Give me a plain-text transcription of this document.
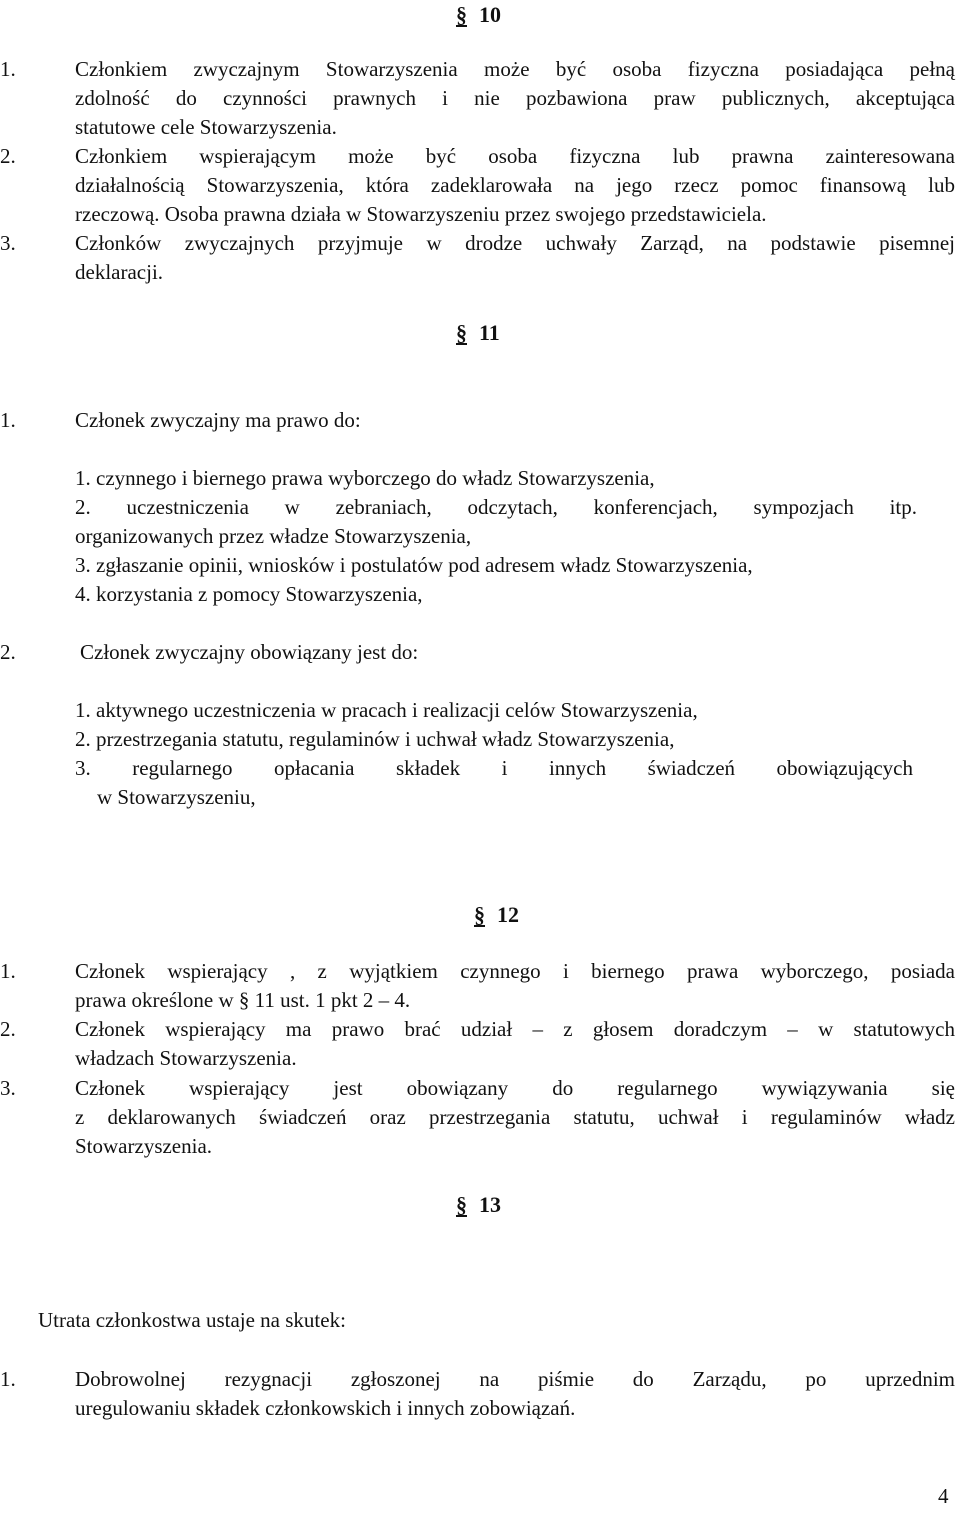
§ 10
1.	Członkiem zwyczajnym Stowarzyszenia może być osoba fizyczna posiadająca pełną
zdolność do czynności prawnych i nie pozbawiona praw publicznych, akceptująca
statutowe cele Stowarzyszenia.
2.	Członkiem wspierającym może być osoba fizyczna lub prawna zainteresowana
działalnością Stowarzyszenia, która zadeklarowała na jego rzecz pomoc finansową lub
rzeczową. Osoba prawna działa w Stowarzyszeniu przez swojego przedstawiciela.
3.	Członków zwyczajnych przyjmuje w drodze uchwały Zarząd, na podstawie pisemnej
deklaracji.
§ 11
1.	Członek zwyczajny ma prawo do:
1. czynnego i biernego prawa wyborczego do władz Stowarzyszenia,
2. uczestniczenia w zebraniach, odczytach, konferencjach, sympozjach itp.
organizowanych przez władze Stowarzyszenia,
3. zgłaszanie opinii, wniosków i postulatów pod adresem władz Stowarzyszenia,
4. korzystania z pomocy Stowarzyszenia,
2.	Członek zwyczajny obowiązany jest do:
1. aktywnego uczestniczenia w pracach i realizacji celów Stowarzyszenia,
2. przestrzegania statutu, regulaminów i uchwał władz Stowarzyszenia,
3. regularnego opłacania składek i innych świadczeń obowiązujących
w Stowarzyszeniu,
§ 12
1.	Członek wspierający , z wyjątkiem czynnego i biernego prawa wyborczego, posiada
prawa określone w § 11 ust. 1 pkt 2 – 4.
2.	Członek wspierający ma prawo brać udział – z głosem doradczym – w statutowych
władzach Stowarzyszenia.
3.	Członek wspierający jest obowiązany do regularnego wywiązywania się
z deklarowanych świadczeń oraz przestrzegania statutu, uchwał i regulaminów władz
Stowarzyszenia.
§ 13
Utrata członkostwa ustaje na skutek:
1.	Dobrowolnej rezygnacji zgłoszonej na piśmie do Zarządu, po uprzednim
uregulowaniu składek członkowskich i innych zobowiązań.
4
